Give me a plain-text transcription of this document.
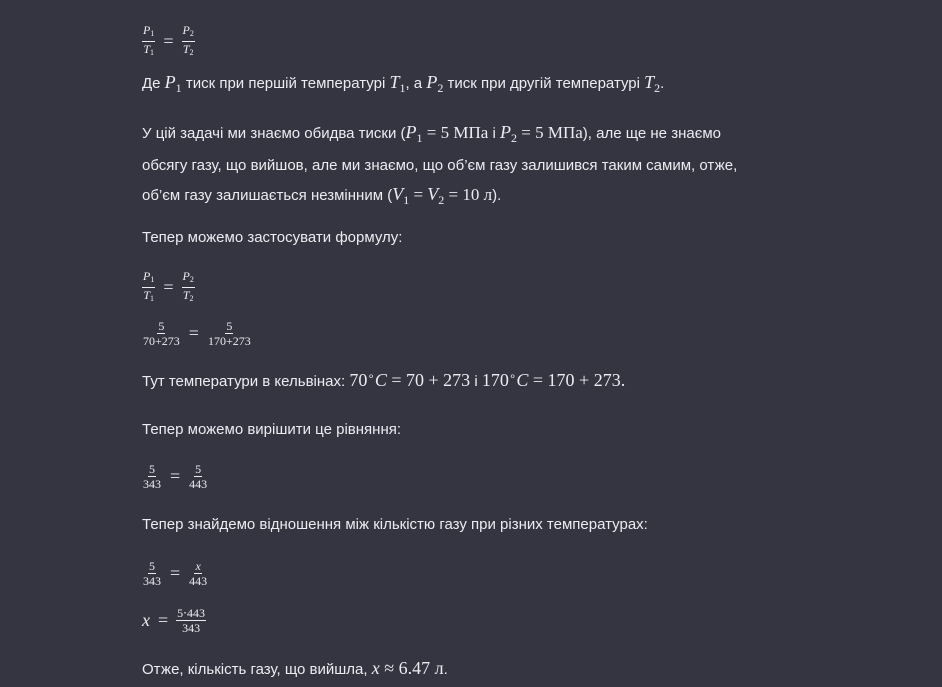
$\frac{P_1}{T_1} = \frac{P_2}{T_2}$
Де $P_1$ тиск при першій температурі $T_1$, а $P_2$ тиск при другій температурі $T_2$.
У цій задачі ми знаємо обидва тиски ($P_1 = 5$ МПа і $P_2 = 5$ МПа), але ще не знаємо обсягу газу, що вийшов, але ми знаємо, що об’єм газу залишився таким самим, отже, об’єм газу залишається незмінним ($V_1 = V_2 = 10$ л).
Тепер можемо застосувати формулу:
$\frac{P_1}{T_1} = \frac{P_2}{T_2}$
$\frac{5}{70+273} = \frac{5}{170+273}$
Тут температури в кельвінах: 70∘C = 70 + 273 і 170∘C = 170 + 273.
Тепер можемо вирішити це рівняння:
$\frac{5}{343} = \frac{5}{443}$
Тепер знайдемо відношення між кількістю газу при різних температурах:
$\frac{5}{343} = \frac{x}{443}$
$x = \frac{5\cdot 443}{343}$
Отже, кількість газу, що вийшла, x ≈ 6.47 л.
